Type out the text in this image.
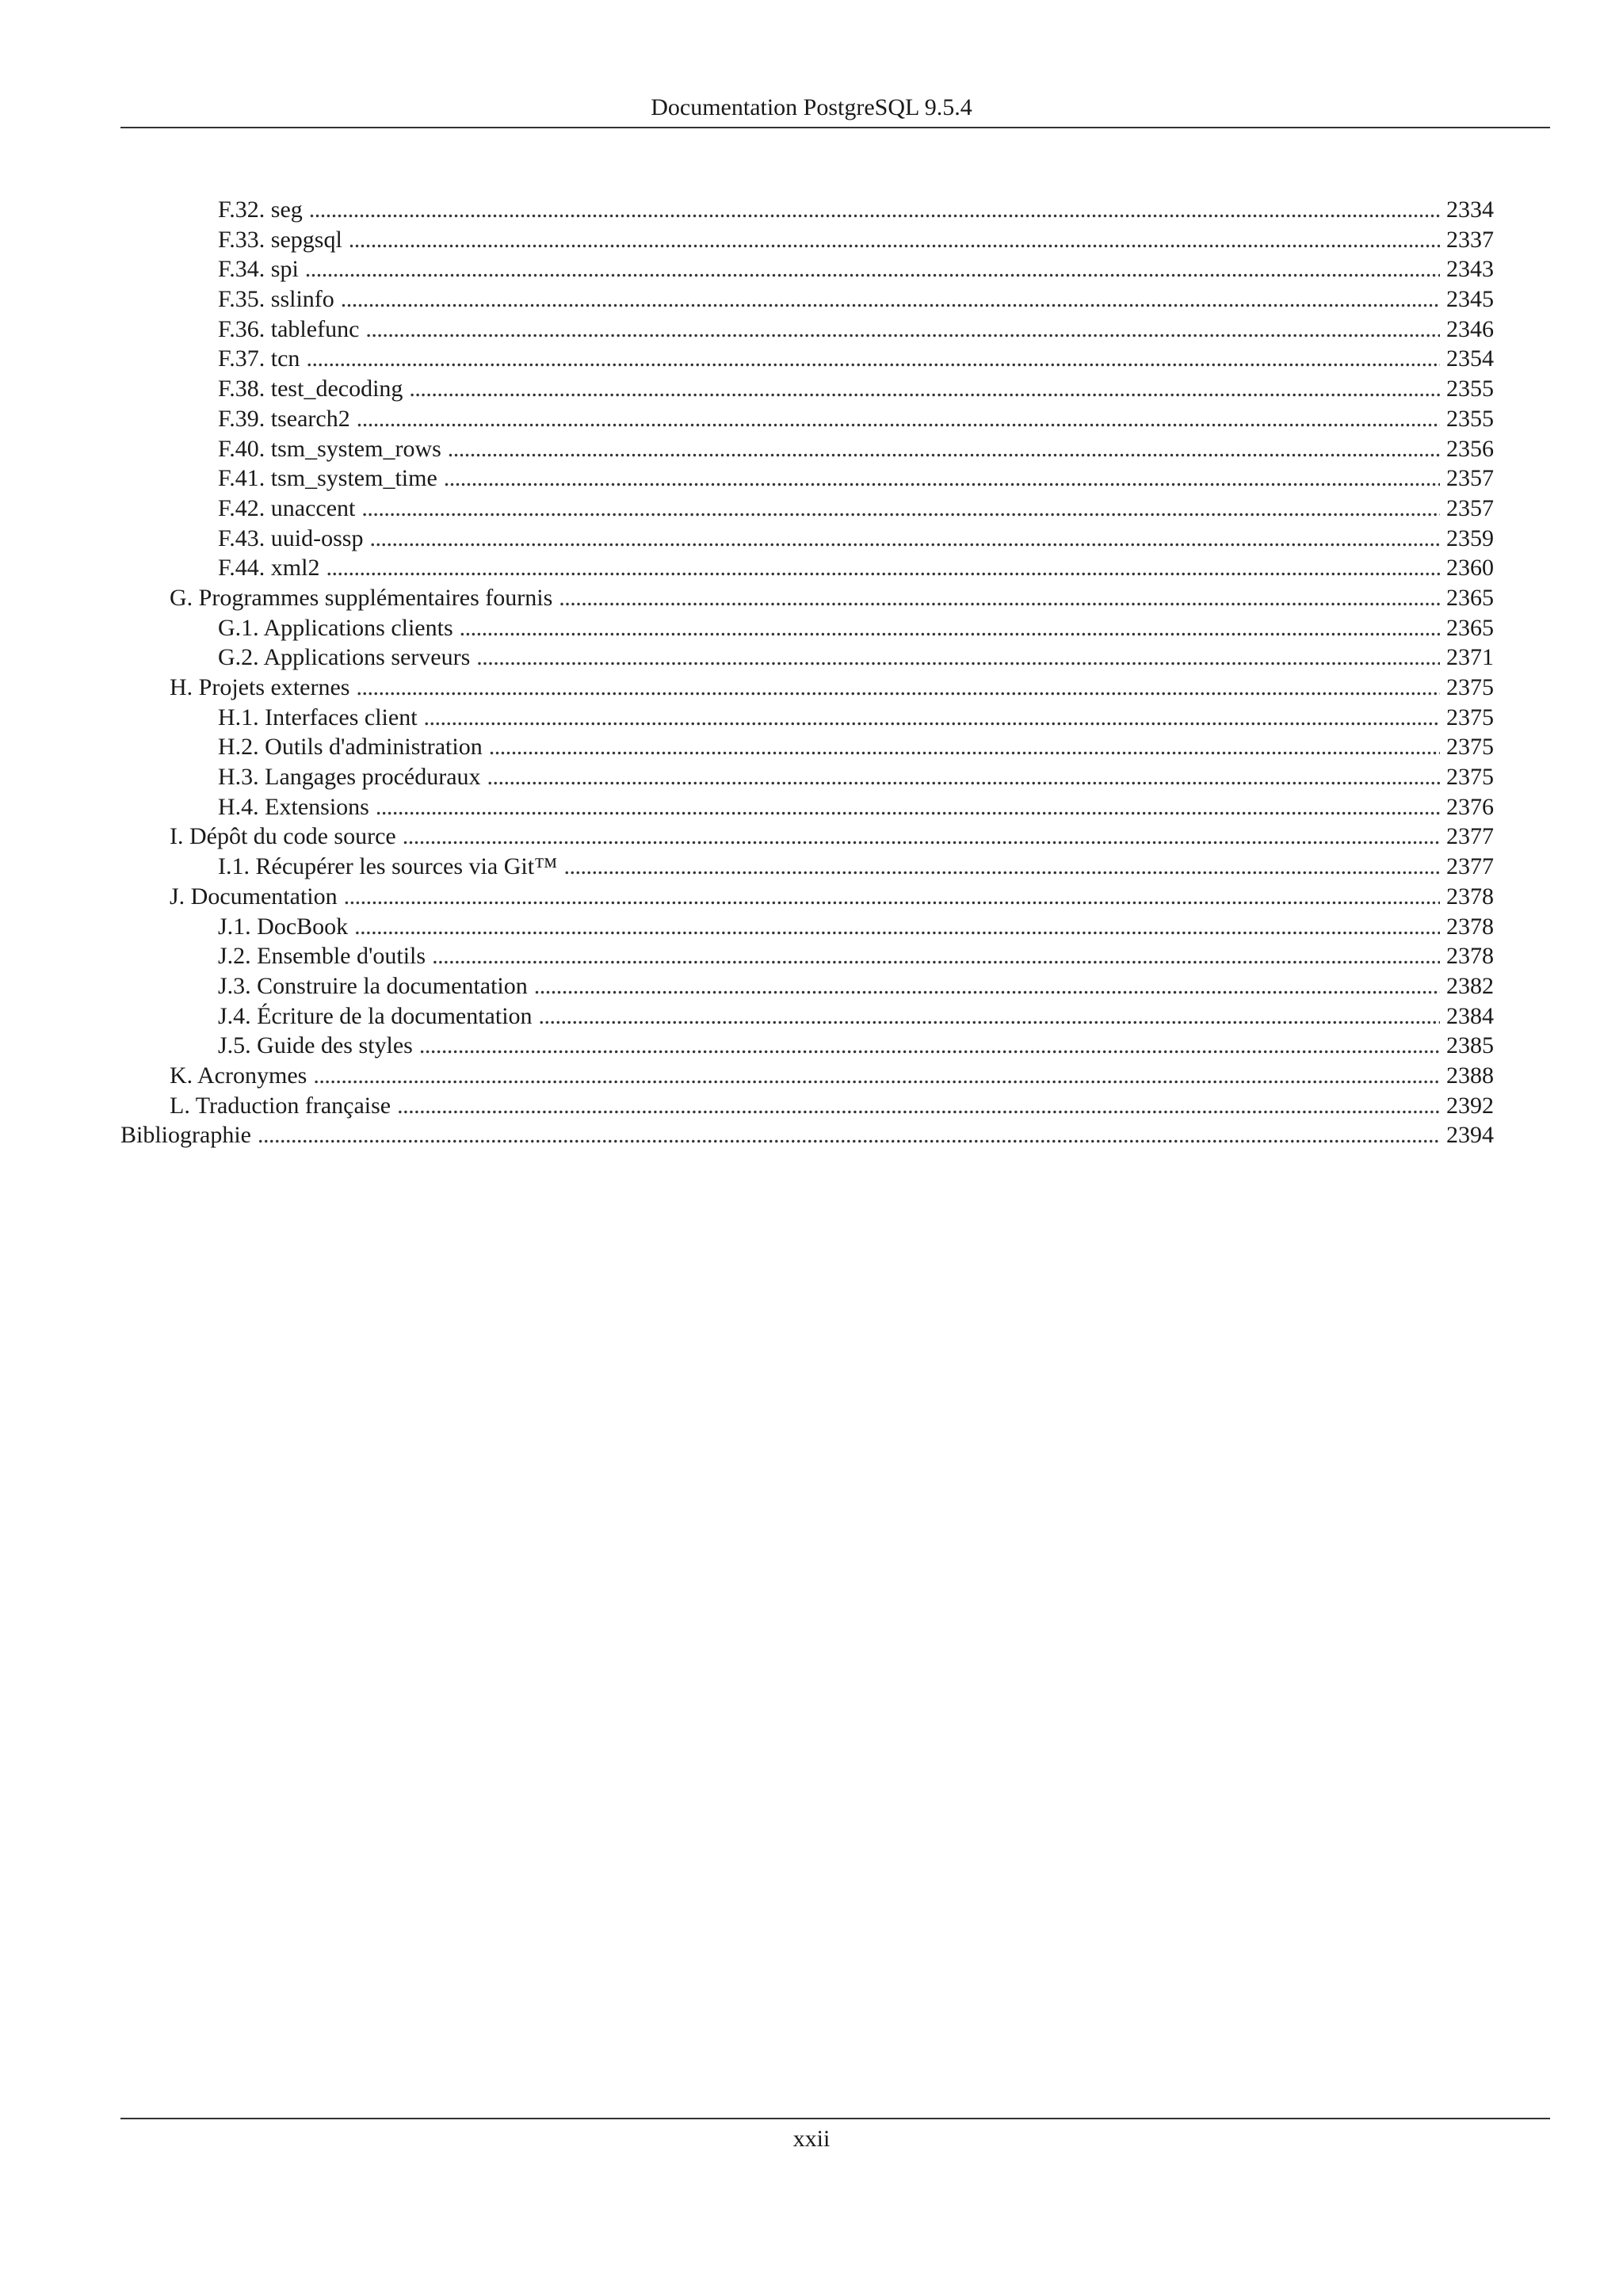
Documentation PostgreSQL 9.5.4
F.32. seg . . .	2334
F.33. sepgsql . . .	2337
F.34. spi . . .	2343
F.35. sslinfo . . .	2345
F.36. tablefunc . . .	2346
F.37. tcn . . .	2354
F.38. test_decoding . . .	2355
F.39. tsearch2 . . .	2355
F.40. tsm_system_rows . . .	2356
F.41. tsm_system_time . . .	2357
F.42. unaccent . . .	2357
F.43. uuid-ossp . . .	2359
F.44. xml2 . . .	2360
G. Programmes supplémentaires fournis . . .	2365
G.1. Applications clients . . .	2365
G.2. Applications serveurs . . .	2371
H. Projets externes . . .	2375
H.1. Interfaces client . . .	2375
H.2. Outils d'administration . . .	2375
H.3. Langages procéduraux . . .	2375
H.4. Extensions . . .	2376
I. Dépôt du code source . . .	2377
I.1. Récupérer les sources via Git™ . . .	2377
J. Documentation . . .	2378
J.1. DocBook . . .	2378
J.2. Ensemble d'outils . . .	2378
J.3. Construire la documentation . . .	2382
J.4. Écriture de la documentation . . .	2384
J.5. Guide des styles . . .	2385
K. Acronymes . . .	2388
L. Traduction française . . .	2392
Bibliographie . . .	2394
xxii
